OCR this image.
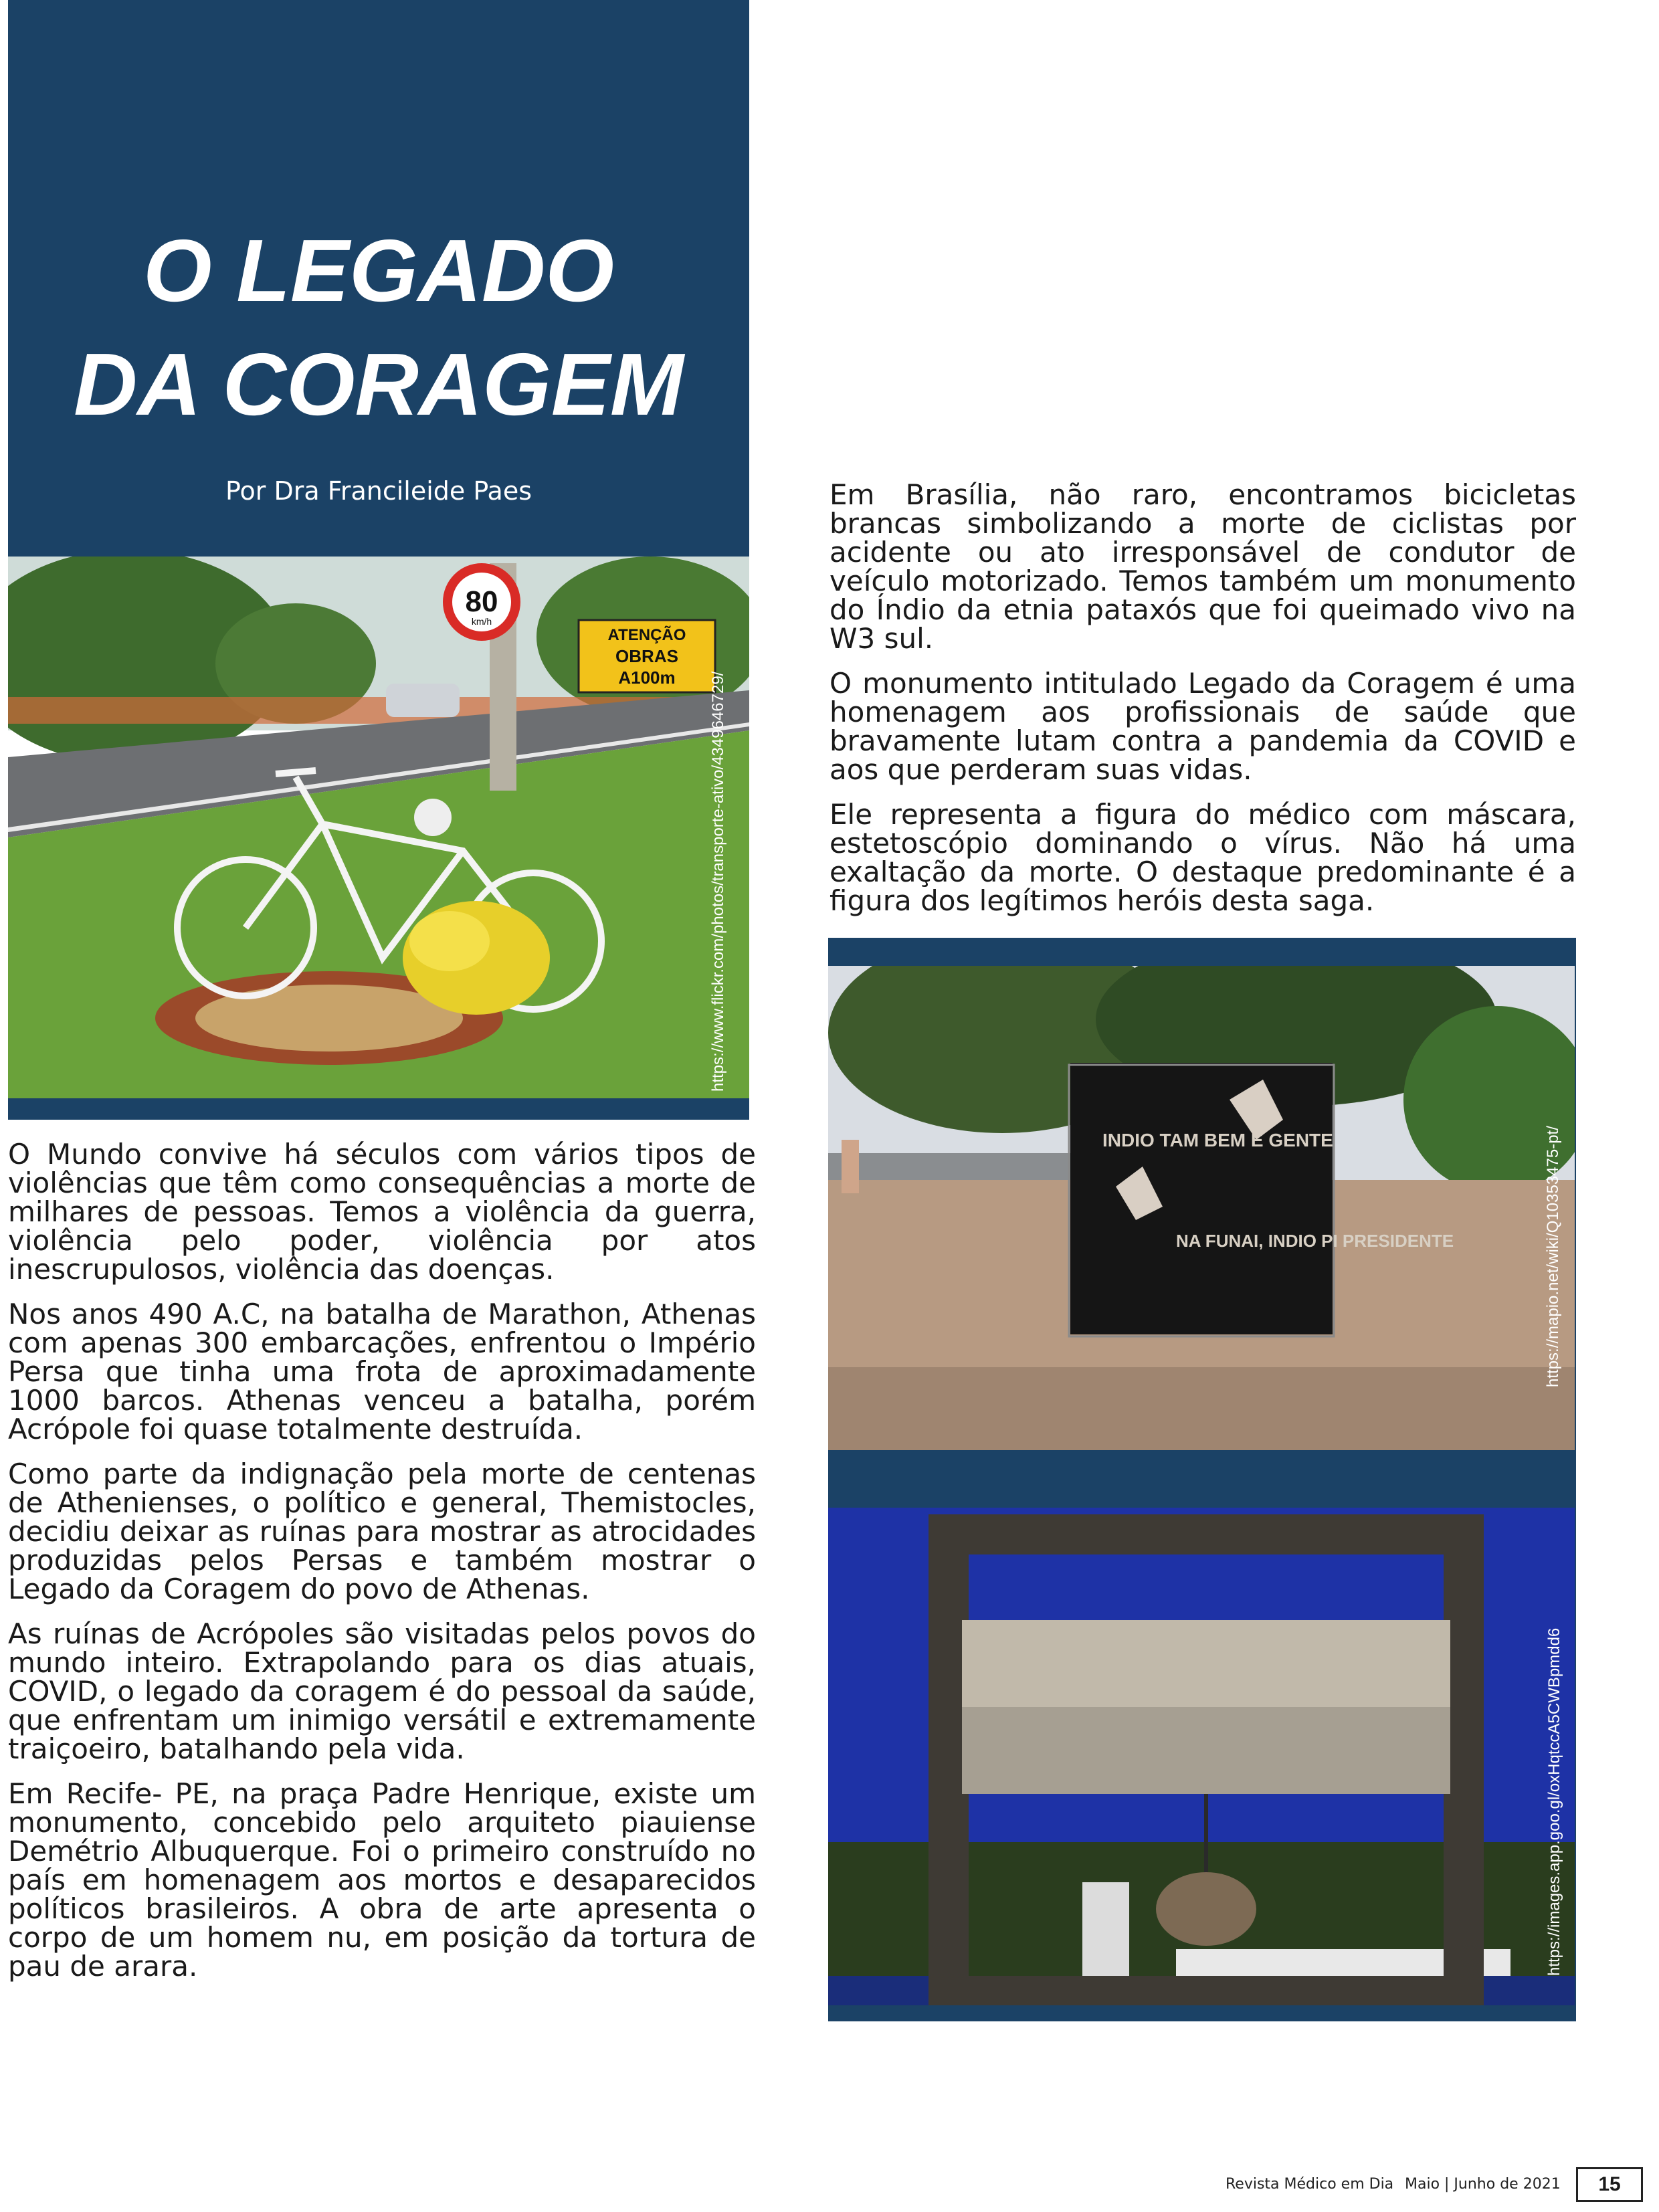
O LEGADO
DA CORAGEM
Por Dra Francileide Paes
80
km/h
ATENÇÃO
OBRAS
A100m https://www.flickr.com/photos/transporte-ativo/4349646729/

O Mundo convive há séculos com vários tipos de violências que têm como consequências a morte de milhares de pessoas. Temos a violência da guerra, violência pelo poder, violência por atos inescrupulosos, violência das doenças.

Nos anos 490 A.C, na batalha de Marathon, Athenas com apenas 300 embarcações, enfrentou o Império Persa que tinha uma frota de aproximadamente 1000 barcos. Athenas venceu a batalha, porém Acrópole foi quase totalmente destruída.

Como parte da indignação pela morte de centenas de Athenienses, o político e general, Themistocles, decidiu deixar as ruínas para mostrar as atrocidades produzidas pelos Persas e também mostrar o Legado da Coragem do povo de Athenas.

As ruínas de Acrópoles são visitadas pelos povos do mundo inteiro. Extrapolando para os dias atuais, COVID, o legado da coragem é do pessoal da saúde, que enfrentam um inimigo versátil e extremamente traiçoeiro, batalhando pela vida.

Em Recife- PE, na praça Padre Henrique, existe um monumento, concebido pelo arquiteto piauiense Demétrio Albuquerque. Foi o primeiro construído no país em homenagem aos mortos e desaparecidos políticos brasileiros. A obra de arte apresenta o corpo de um homem nu, em posição da tortura de pau de arara.

Em Brasília, não raro, encontramos bicicletas brancas simbolizando a morte de ciclistas por acidente ou ato irresponsável de condutor de veículo motorizado. Temos também um monumento do Índio da etnia pataxós que foi queimado vivo na W3 sul.

O monumento intitulado Legado da Coragem é uma homenagem aos profissionais de saúde que bravamente lutam contra a pandemia da COVID e aos que perderam suas vidas.

Ele representa a figura do médico com máscara, estetoscópio dominando o vírus. Não há uma exaltação da morte. O destaque predominante é a figura dos legítimos heróis desta saga.

INDIO TAM BEM É GENTE
NA FUNAI, INDIO PI PRESIDENTE	https://mapio.net/wiki/Q10353475-pt/
https://images.app.goo.gl/oxHqtccA5CWBpmdd6
Revista Médico em Dia Maio | Junho de 2021	15
